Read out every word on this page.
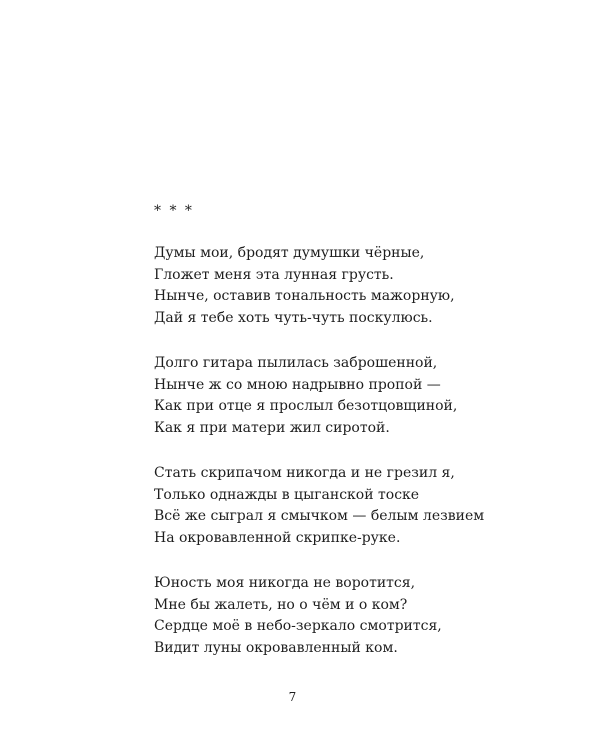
* * *
Думы мои, бродят думушки чёрные,
Гложет меня эта лунная грусть.
Нынче, оставив тональность мажорную,
Дай я тебе хоть чуть-чуть поскулюсь.
Долго гитара пылилась заброшенной,
Нынче ж со мною надрывно пропой —
Как при отце я прослыл безотцовщиной,
Как я при матери жил сиротой.
Стать скрипачом никогда и не грезил я,
Только однажды в цыганской тоске
Всё же сыграл я смычком — белым лезвием
На окровавленной скрипке-руке.
Юность моя никогда не воротится,
Мне бы жалеть, но о чём и о ком?
Сердце моё в небо-зеркало смотрится,
Видит луны окровавленный ком.
7
